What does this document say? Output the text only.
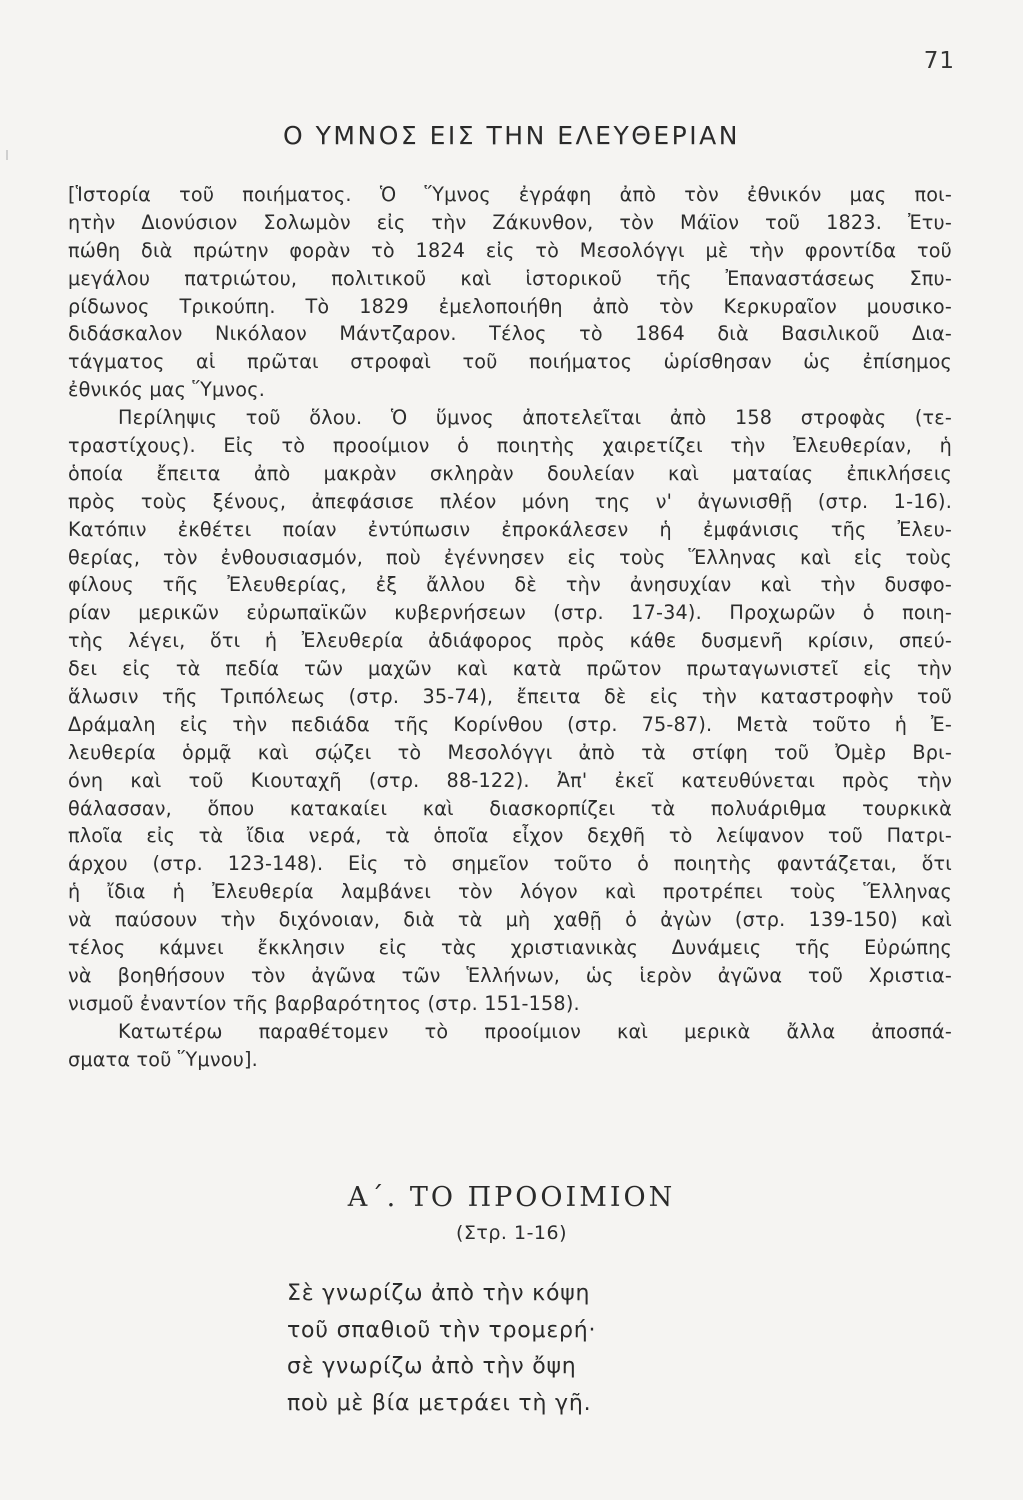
71
Ο ΥΜΝΟΣ ΕΙΣ ΤΗΝ ΕΛΕΥΘΕΡΙΑΝ
[Ἱστορία τοῦ ποιήματος. Ὁ Ὕμνος ἐγράφη ἀπὸ τὸν ἐθνικόν μας ποι-
ητὴν Διονύσιον Σολωμὸν εἰς τὴν Ζάκυνθον, τὸν Μάϊον τοῦ 1823. Ἐτυ-
πώθη διὰ πρώτην φορὰν τὸ 1824 εἰς τὸ Μεσολόγγι μὲ τὴν φροντίδα τοῦ
μεγάλου πατριώτου, πολιτικοῦ καὶ ἱστορικοῦ τῆς Ἐπαναστάσεως Σπυ-
ρίδωνος Τρικούπη. Τὸ 1829 ἐμελοποιήθη ἀπὸ τὸν Κερκυραῖον μουσικο-
διδάσκαλον Νικόλαον Μάντζαρον. Τέλος τὸ 1864 διὰ Βασιλικοῦ Δια-
τάγματος αἱ πρῶται στροφαὶ τοῦ ποιήματος ὡρίσθησαν ὡς ἐπίσημος
ἐθνικός μας Ὕμνος.
Περίληψις τοῦ ὅλου. Ὁ ὕμνος ἀποτελεῖται ἀπὸ 158 στροφὰς (τε-
τραστίχους). Εἰς τὸ προοίμιον ὁ ποιητὴς χαιρετίζει τὴν Ἐλευθερίαν, ἡ
ὁποία ἔπειτα ἀπὸ μακρὰν σκληρὰν δουλείαν καὶ ματαίας ἐπικλήσεις
πρὸς τοὺς ξένους, ἀπεφάσισε πλέον μόνη της ν' ἀγωνισθῇ (στρ. 1-16).
Κατόπιν ἐκθέτει ποίαν ἐντύπωσιν ἐπροκάλεσεν ἡ ἐμφάνισις τῆς Ἐλευ-
θερίας, τὸν ἐνθουσιασμόν, ποὺ ἐγέννησεν εἰς τοὺς Ἕλληνας καὶ εἰς τοὺς
φίλους τῆς Ἐλευθερίας, ἐξ ἄλλου δὲ τὴν ἀνησυχίαν καὶ τὴν δυσφο-
ρίαν μερικῶν εὐρωπαϊκῶν κυβερνήσεων (στρ. 17-34). Προχωρῶν ὁ ποιη-
τὴς λέγει, ὅτι ἡ Ἐλευθερία ἀδιάφορος πρὸς κάθε δυσμενῆ κρίσιν, σπεύ-
δει εἰς τὰ πεδία τῶν μαχῶν καὶ κατὰ πρῶτον πρωταγωνιστεῖ εἰς τὴν
ἅλωσιν τῆς Τριπόλεως (στρ. 35-74), ἔπειτα δὲ εἰς τὴν καταστροφὴν τοῦ
Δράμαλη εἰς τὴν πεδιάδα τῆς Κορίνθου (στρ. 75-87). Μετὰ τοῦτο ἡ Ἐ-
λευθερία ὁρμᾷ καὶ σῴζει τὸ Μεσολόγγι ἀπὸ τὰ στίφη τοῦ Ὀμὲρ Βρι-
όνη καὶ τοῦ Κιουταχῆ (στρ. 88-122). Ἀπ' ἐκεῖ κατευθύνεται πρὸς τὴν
θάλασσαν, ὅπου κατακαίει καὶ διασκορπίζει τὰ πολυάριθμα τουρκικὰ
πλοῖα εἰς τὰ ἴδια νερά, τὰ ὁποῖα εἶχον δεχθῆ τὸ λείψανον τοῦ Πατρι-
άρχου (στρ. 123-148). Εἰς τὸ σημεῖον τοῦτο ὁ ποιητὴς φαντάζεται, ὅτι
ἡ ἴδια ἡ Ἐλευθερία λαμβάνει τὸν λόγον καὶ προτρέπει τοὺς Ἕλληνας
νὰ παύσουν τὴν διχόνοιαν, διὰ τὰ μὴ χαθῇ ὁ ἀγὼν (στρ. 139-150) καὶ
τέλος κάμνει ἔκκλησιν εἰς τὰς χριστιανικὰς Δυνάμεις τῆς Εὐρώπης
νὰ βοηθήσουν τὸν ἀγῶνα τῶν Ἑλλήνων, ὡς ἱερὸν ἀγῶνα τοῦ Χριστια-
νισμοῦ ἐναντίον τῆς βαρβαρότητος (στρ. 151-158).
Κατωτέρω παραθέτομεν τὸ προοίμιον καὶ μερικὰ ἄλλα ἀποσπά-
σματα τοῦ Ὕμνου].
Α΄. ΤΟ ΠΡΟΟΙΜΙΟΝ
(Στρ. 1-16)
Σὲ γνωρίζω ἀπὸ τὴν κόψη
τοῦ σπαθιοῦ τὴν τρομερή·
σὲ γνωρίζω ἀπὸ τὴν ὄψη
ποὺ μὲ βία μετράει τὴ γῆ.
